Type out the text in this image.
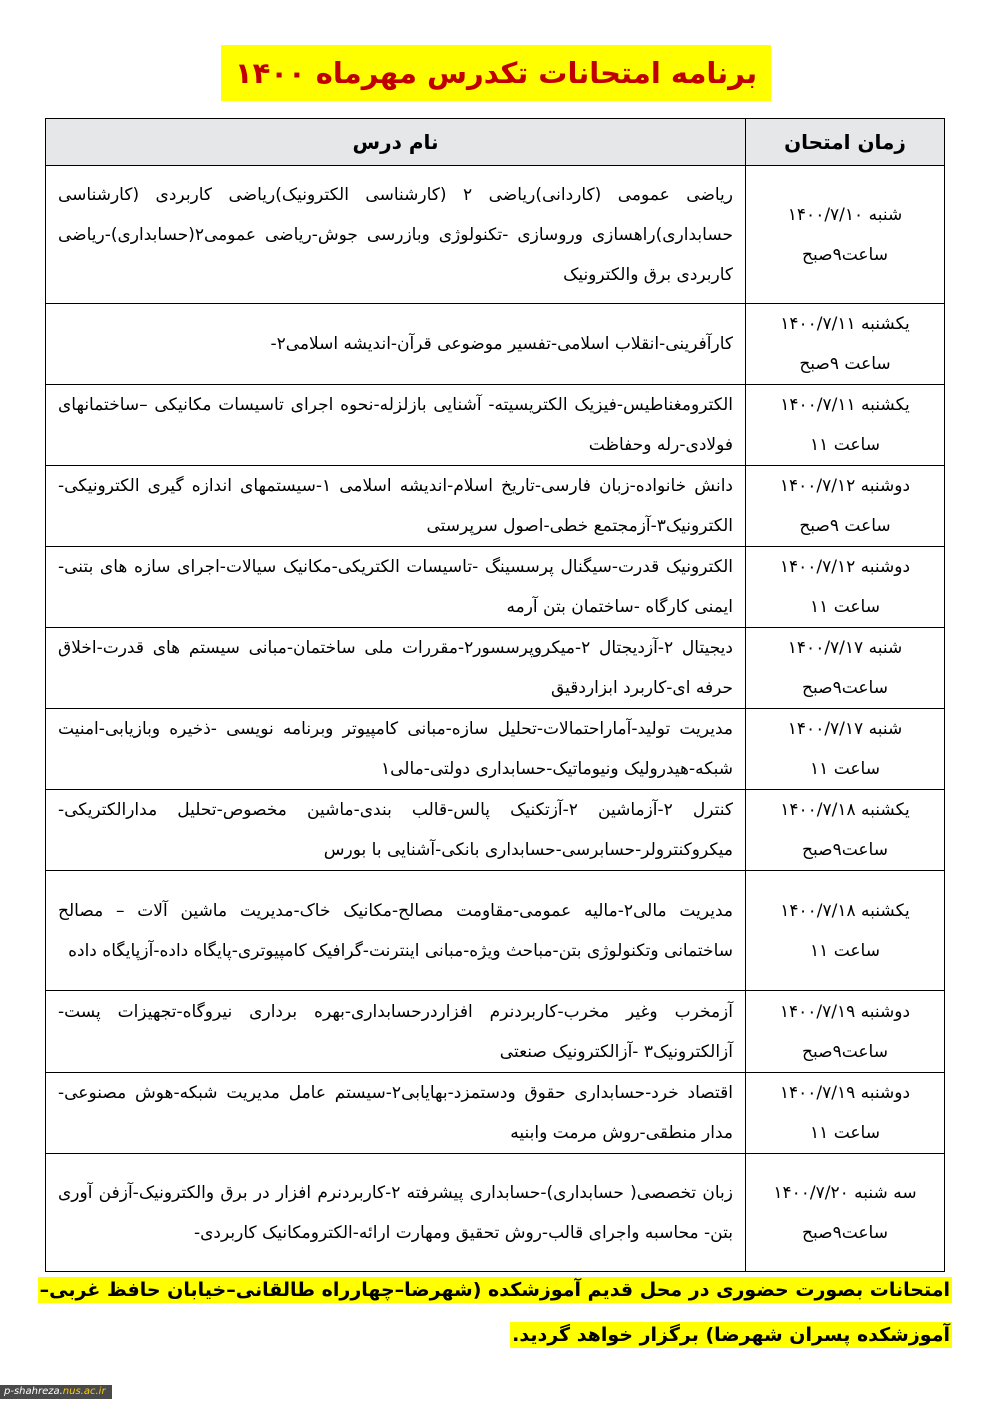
برنامه امتحانات تکدرس مهرماه ۱۴۰۰
زمان امتحان	نام درس

شنبه ۱۴۰۰/۷/۱۰
ساعت۹صبح	ریاضی عمومی (کاردانی)ریاضی ۲ (کارشناسی الکترونیک)ریاضی کاربردی (کارشناسی حسابداری)راهسازی وروسازی -تکنولوژی وبازرسی جوش-ریاضی عمومی۲(حسابداری)-ریاضی کاربردی برق والکترونیک

یکشنبه ۱۴۰۰/۷/۱۱
ساعت ۹صبح	کارآفرینی-انقلاب اسلامی-تفسیر موضوعی قرآن-اندیشه اسلامی۲-

یکشنبه ۱۴۰۰/۷/۱۱
ساعت ۱۱	الکترومغناطیس-فیزیک الکتریسیته- آشنایی بازلزله-نحوه اجرای تاسیسات مکانیکی –ساختمانهای فولادی-رله وحفاظت

دوشنبه ۱۴۰۰/۷/۱۲
ساعت ۹صبح	دانش خانواده-زبان فارسی-تاریخ اسلام-اندیشه اسلامی ۱-سیستمهای اندازه گیری الکترونیکی-الکترونیک۳-آزمجتمع خطی-اصول سرپرستی

دوشنبه ۱۴۰۰/۷/۱۲
ساعت ۱۱	الکترونیک قدرت-سیگنال پرسسینگ -تاسیسات الکتریکی-مکانیک سیالات-اجرای سازه های بتنی-ایمنی کارگاه -ساختمان بتن آرمه

شنبه ۱۴۰۰/۷/۱۷
ساعت۹صبح	دیجیتال ۲-آزدیجتال ۲-میکروپرسسور۲-مقررات ملی ساختمان-مبانی سیستم های قدرت-اخلاق حرفه ای-کاربرد ابزاردقیق

شنبه ۱۴۰۰/۷/۱۷
ساعت ۱۱	مدیریت تولید-آماراحتمالات-تحلیل سازه-مبانی کامپیوتر وبرنامه نویسی -ذخیره وبازیابی-امنیت شبکه-هیدرولیک ونیوماتیک-حسابداری دولتی-مالی۱

یکشنبه ۱۴۰۰/۷/۱۸
ساعت۹صبح	کنترل ۲-آزماشین ۲-آزتکنیک پالس-قالب بندی-ماشین مخصوص-تحلیل مدارالکتریکی-میکروکنترولر-حسابرسی-حسابداری بانکی-آشنایی با بورس

یکشنبه ۱۴۰۰/۷/۱۸
ساعت ۱۱	مدیریت مالی۲-مالیه عمومی-مقاومت مصالح-مکانیک خاک-مدیریت ماشین آلات – مصالح ساختمانی وتکنولوژی بتن-مباحث ویژه-مبانی اینترنت-گرافیک کامپیوتری-پایگاه داده-آزپایگاه داده

دوشنبه ۱۴۰۰/۷/۱۹
ساعت۹صبح	آزمخرب وغیر مخرب-کاربردنرم افزاردرحسابداری-بهره برداری نیروگاه-تجهیزات پست-آزالکترونیک۳ -آزالکترونیک صنعتی

دوشنبه ۱۴۰۰/۷/۱۹
ساعت ۱۱	اقتصاد خرد-حسابداری حقوق ودستمزد-بهایابی۲-سیستم عامل مدیریت شبکه-هوش مصنوعی-مدار منطقی-روش مرمت وابنیه

سه شنبه ۱۴۰۰/۷/۲۰
ساعت۹صبح	زبان تخصصی( حسابداری)-حسابداری پیشرفته ۲-کاربردنرم افزار در برق والکترونیک-آزفن آوری بتن- محاسبه واجرای قالب-روش تحقیق ومهارت ارائه-الکترومکانیک کاربردی-
امتحانات بصورت حضوری در محل قدیم آموزشکده (شهرضا–چهارراه طالقانی–خیابان حافظ غربی– آموزشکده پسران شهرضا) برگزار خواهد گردید.
p-shahreza.nus.ac.ir
